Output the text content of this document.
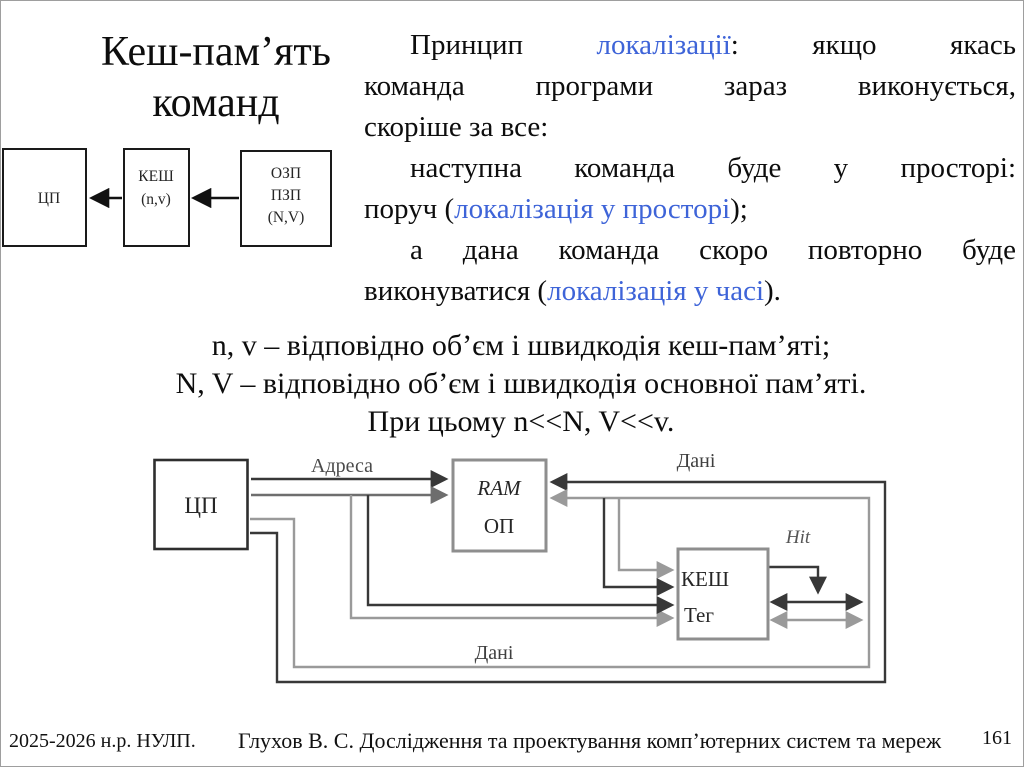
Кеш-пам’ять команд
ЦП
КЕШ
(n,v)
ОЗП
ПЗП
(N,V)
Принцип локалізації: якщо якась
команда програми зараз виконується,
скоріше за все:
наступна команда буде у просторі:
поруч (локалізація у просторі);
а дана команда скоро повторно буде
виконуватися (локалізація у часі).
n, v – відповідно об’єм і швидкодія кеш-пам’яті;
N, V – відповідно об’єм і швидкодія основної пам’яті.
При цьому n<<N, V<<v.
ЦП
RAM
ОП
КЕШ
Тег
Адреса	Дані
Дані
Hit
2025-2026 н.р. НУЛП. Глухов В. С. Дослідження та проектування комп’ютерних систем та мереж 161
